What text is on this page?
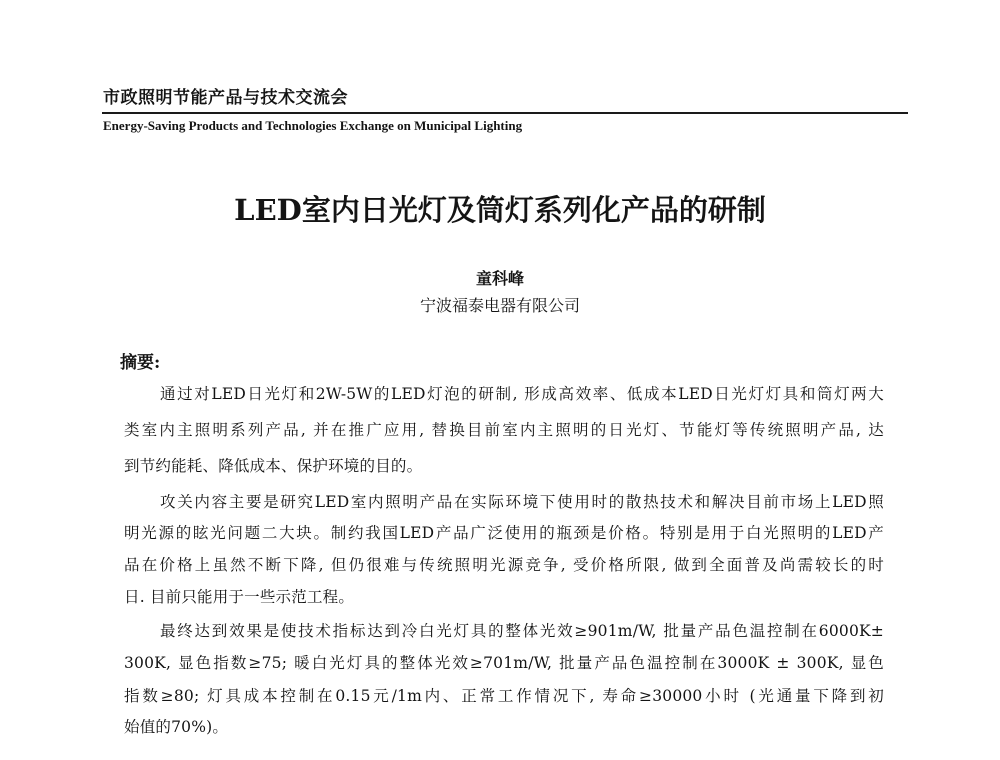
市政照明节能产品与技术交流会
Energy-Saving Products and Technologies Exchange on Municipal Lighting
LED室内日光灯及筒灯系列化产品的研制
童科峰
宁波福泰电器有限公司
摘要:
通过对LED日光灯和2W-5W的LED灯泡的研制, 形成高效率、低成本LED日光灯灯具和筒灯两大
类室内主照明系列产品, 并在推广应用, 替换目前室内主照明的日光灯、节能灯等传统照明产品, 达
到节约能耗、降低成本、保护环境的目的。
攻关内容主要是研究LED室内照明产品在实际环境下使用时的散热技术和解决目前市场上LED照
明光源的眩光问题二大块。制约我国LED产品广泛使用的瓶颈是价格。特别是用于白光照明的LED产
品在价格上虽然不断下降, 但仍很难与传统照明光源竞争, 受价格所限, 做到全面普及尚需较长的时
日. 目前只能用于一些示范工程。
最终达到效果是使技术指标达到冷白光灯具的整体光效≥901m/W, 批量产品色温控制在6000K±
300K, 显色指数≥75; 暖白光灯具的整体光效≥701m/W, 批量产品色温控制在3000K ± 300K, 显色
指数≥80; 灯具成本控制在0.15元/1m内、正常工作情况下, 寿命≥30000小时 (光通量下降到初
始值的70%)。
